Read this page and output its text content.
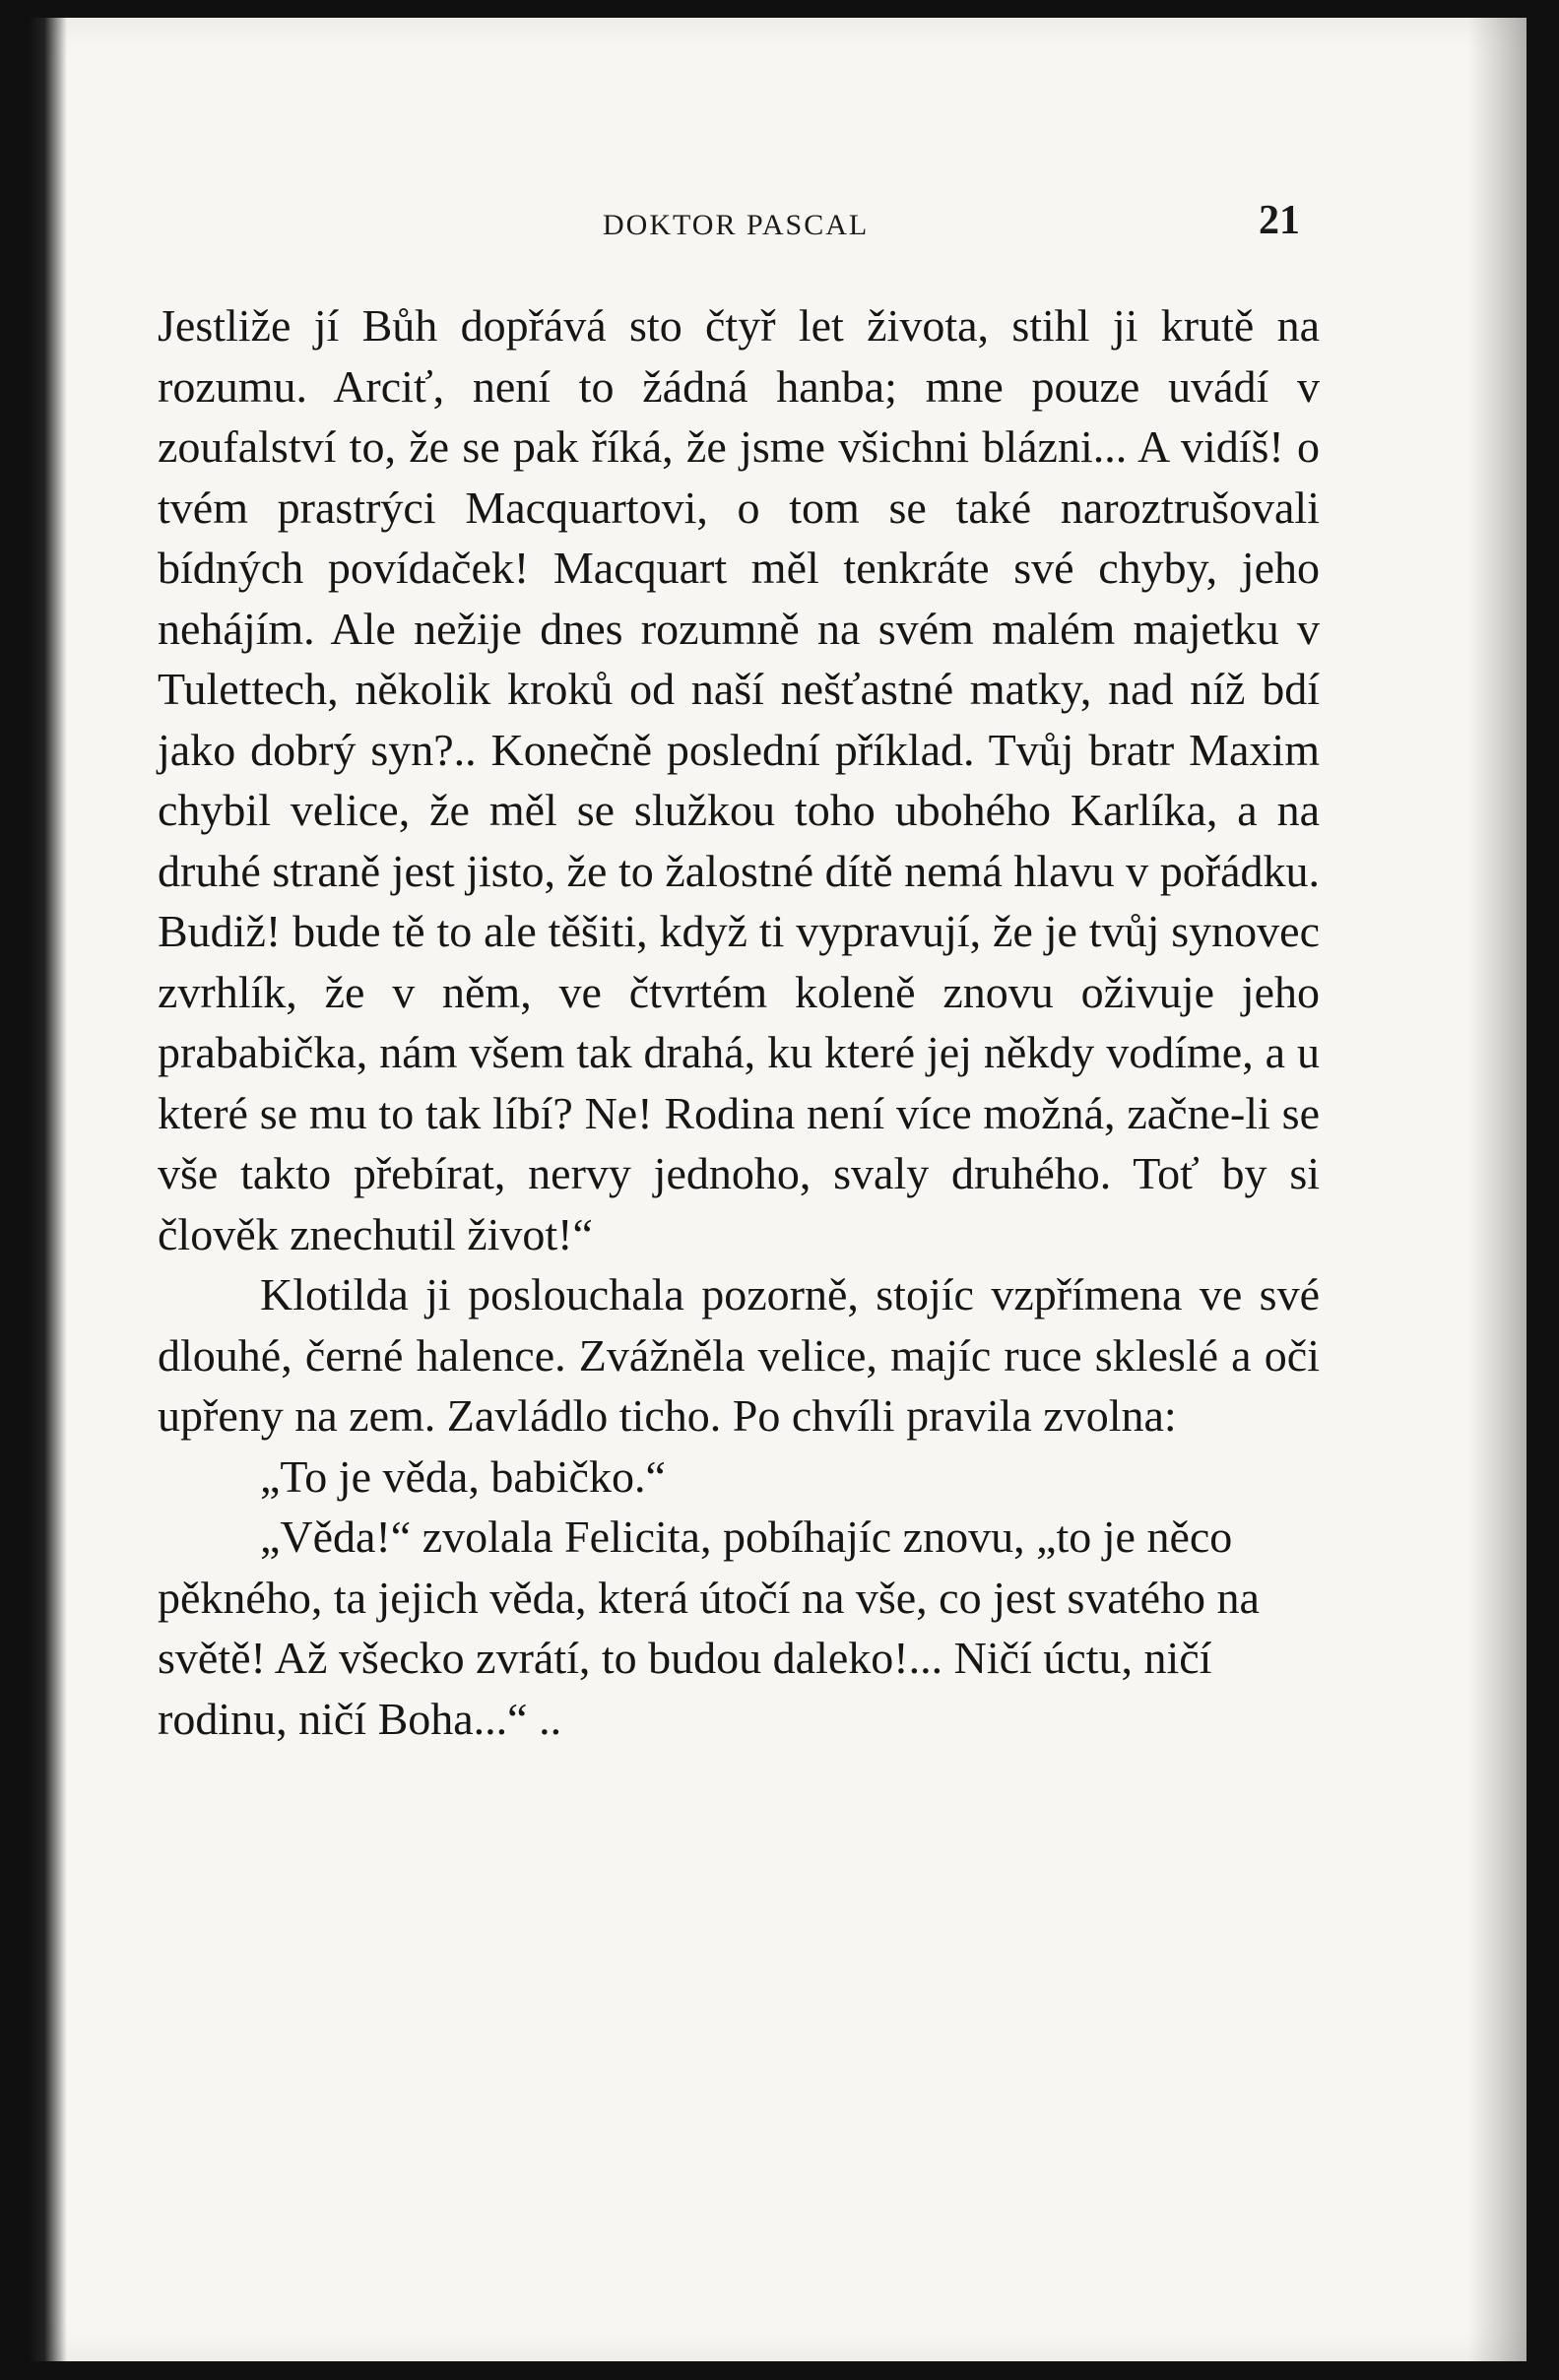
DOKTOR PASCAL	21

Jestliže jí Bůh dopřává sto čtyř let života, stihl ji krutě na rozumu. Arciť, není to žádná hanba; mne pouze uvádí v zoufalství to, že se pak říká, že jsme všichni blázni... A vidíš! o tvém prastrýci Macquartovi, o tom se také naroztrušovali bídných povídaček! Macquart měl tenkráte své chyby, jeho nehájím. Ale nežije dnes rozumně na svém malém majetku v Tulettech, několik kroků od naší nešťastné matky, nad níž bdí jako dobrý syn?.. Konečně poslední příklad. Tvůj bratr Maxim chybil velice, že měl se služkou toho ubohého Karlíka, a na druhé straně jest jisto, že to žalostné dítě nemá hlavu v pořádku. Budiž! bude tě to ale těšiti, když ti vypravují, že je tvůj synovec zvrhlík, že v něm, ve čtvrtém koleně znovu oživuje jeho prababička, nám všem tak drahá, ku které jej někdy vodíme, a u které se mu to tak líbí? Ne! Rodina není více možná, začne-li se vše takto přebírat, nervy jednoho, svaly druhého. Toť by si člověk znechutil život!“

Klotilda ji poslouchala pozorně, stojíc vzpřímena ve své dlouhé, černé halence. Zvážněla velice, majíc ruce skleslé a oči upřeny na zem. Zavládlo ticho. Po chvíli pravila zvolna:

„To je věda, babičko.“

„Věda!“ zvolala Felicita, pobíhajíc znovu, „to je něco pěkného, ta jejich věda, která útočí na vše, co jest svatého na světě! Až všecko zvrátí, to budou daleko!... Ničí úctu, ničí rodinu, ničí Boha...“ ..
